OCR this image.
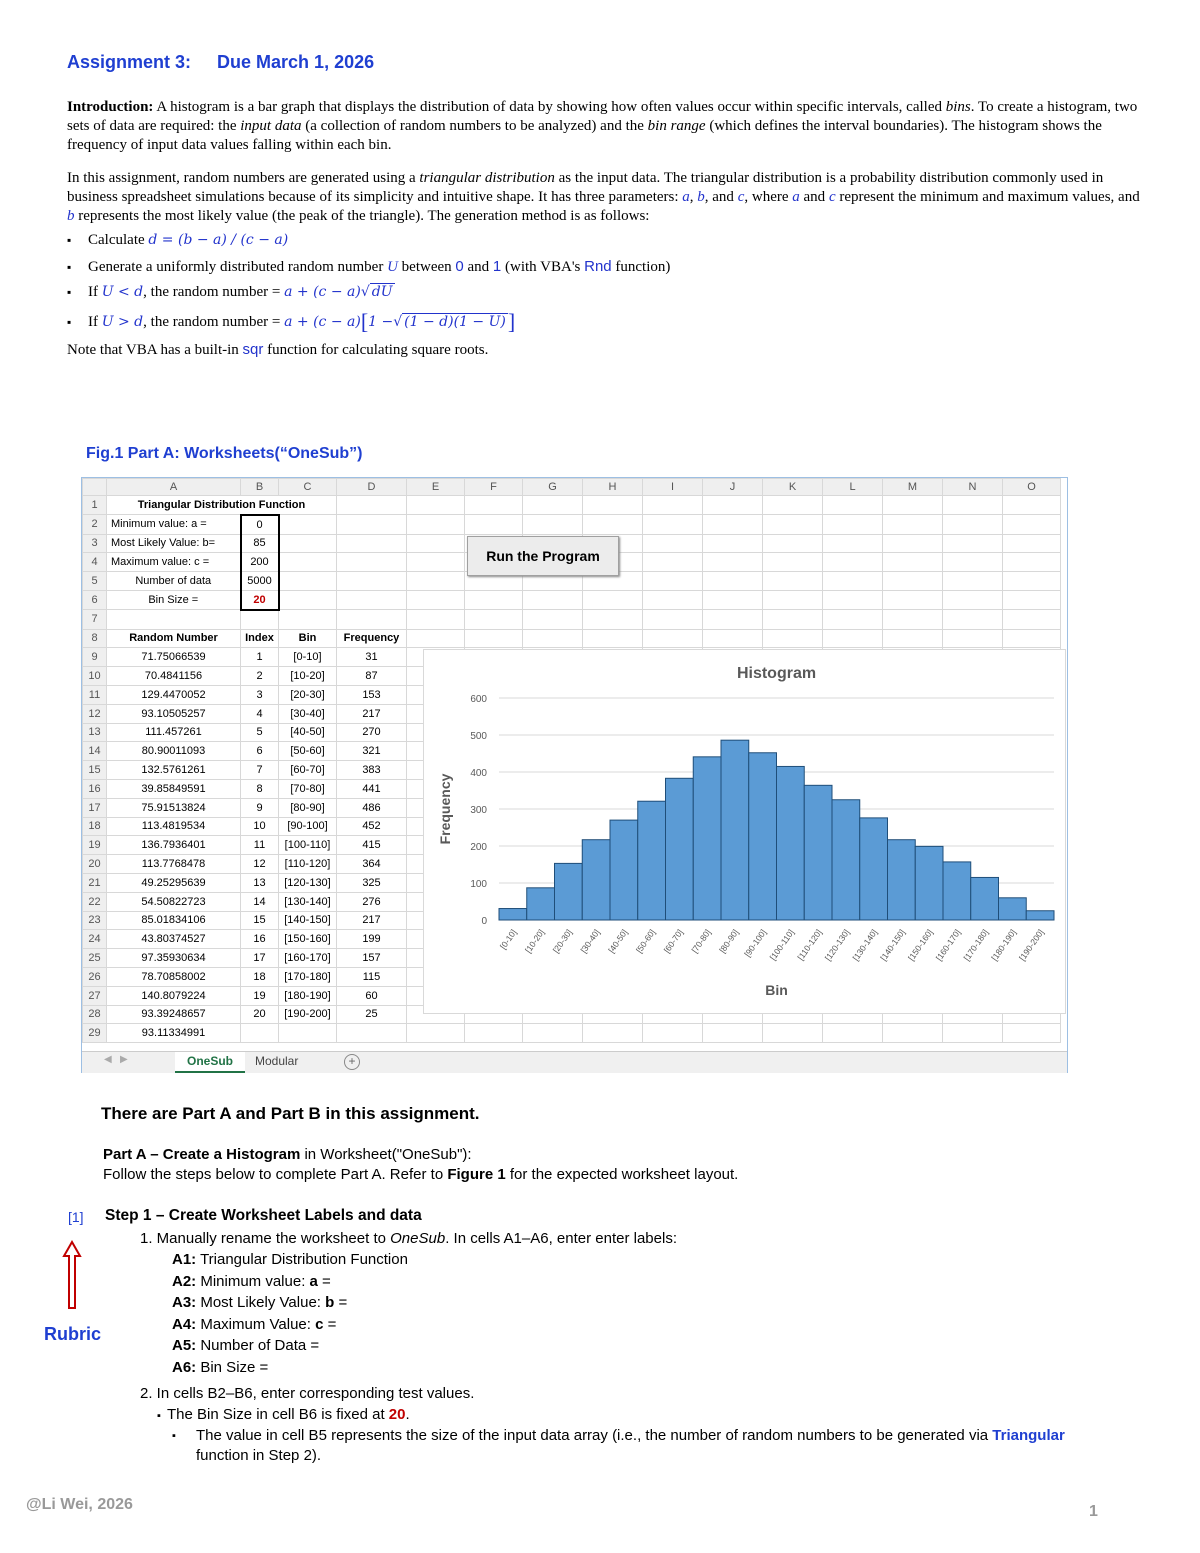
Assignment 3: Due March 1, 2026
Introduction: A histogram is a bar graph that displays the distribution of data by showing how often values occur within specific intervals, called bins. To create a histogram, two sets of data are required: the input data (a collection of random numbers to be analyzed) and the bin range (which defines the interval boundaries). The histogram shows the frequency of input data values falling within each bin.
In this assignment, random numbers are generated using a triangular distribution as the input data. The triangular distribution is a probability distribution commonly used in business spreadsheet simulations because of its simplicity and intuitive shape. It has three parameters: a, b, and c, where a and c represent the minimum and maximum values, and b represents the most likely value (the peak of the triangle). The generation method is as follows:
▪ Calculate d = (b − a) / (c − a)
▪ Generate a uniformly distributed random number U between 0 and 1 (with VBA's Rnd function)
▪ If U < d, the random number = a + (c − a)√ dU
▪ If U > d, the random number = a + (c − a)[1 −√ (1 − d)(1 − U)]
Note that VBA has a built-in sqr function for calculating square roots.
Fig.1 Part A: Worksheets(“OneSub”)
	A	B	C	D	E	F	G	H	I	J	K	L	M	N	O
1	Triangular Distribution Function														
2	Minimum value: a =	0													
3	Most Likely Value: b=	85													
4	Maximum value: c =	200													
5	Number of data	5000													
6	Bin Size =	20													
7															
8	Random Number	Index	Bin	Frequency											
9	71.75066539	1	[0-10]	31											
10	70.4841156	2	[10-20]	87											
11	129.4470052	3	[20-30]	153											
12	93.10505257	4	[30-40]	217											
13	111.457261	5	[40-50]	270											
14	80.90011093	6	[50-60]	321											
15	132.5761261	7	[60-70]	383											
16	39.85849591	8	[70-80]	441											
17	75.91513824	9	[80-90]	486											
18	113.4819534	10	[90-100]	452											
19	136.7936401	11	[100-110]	415											
20	113.7768478	12	[110-120]	364											
21	49.25295639	13	[120-130]	325											
22	54.50822723	14	[130-140]	276											
23	85.01834106	15	[140-150]	217											
24	43.80374527	16	[150-160]	199											
25	97.35930634	17	[160-170]	157											
26	78.70858002	18	[170-180]	115											
27	140.8079224	19	[180-190]	60											
28	93.39248657	20	[190-200]	25											
29	93.11334991														
Run the Program
Histogram
0
100
200
300
400
500
600
Frequency
[0-10] [10-20] [20-30] [30-40] [40-50] [50-60] [60-70] [70-80] [80-90] [90-100] [100-110] [110-120]
[120-130]
[130-140]
[140-150]
[150-160]
[160-170]
[170-180]
[180-190]
[190-200]
Bin
◀   ▶	OneSub	Modular	+
There are Part A and Part B in this assignment.
Part A – Create a Histogram in Worksheet("OneSub"):
Follow the steps below to complete Part A. Refer to Figure 1 for the expected worksheet layout.
[1] Step 1 – Create Worksheet Labels and data
Rubric
1. Manually rename the worksheet to OneSub. In cells A1–A6, enter enter labels:
A1: Triangular Distribution Function
A2: Minimum value: a =
A3: Most Likely Value: b =
A4: Maximum Value: c =
A5: Number of Data =
A6: Bin Size =
2. In cells B2–B6, enter corresponding test values.
▪  The Bin Size in cell B6 is fixed at 20.
▪ The value in cell B5 represents the size of the input data array (i.e., the number of random numbers to be generated via Triangular function in Step 2).
@Li Wei, 2026	1
